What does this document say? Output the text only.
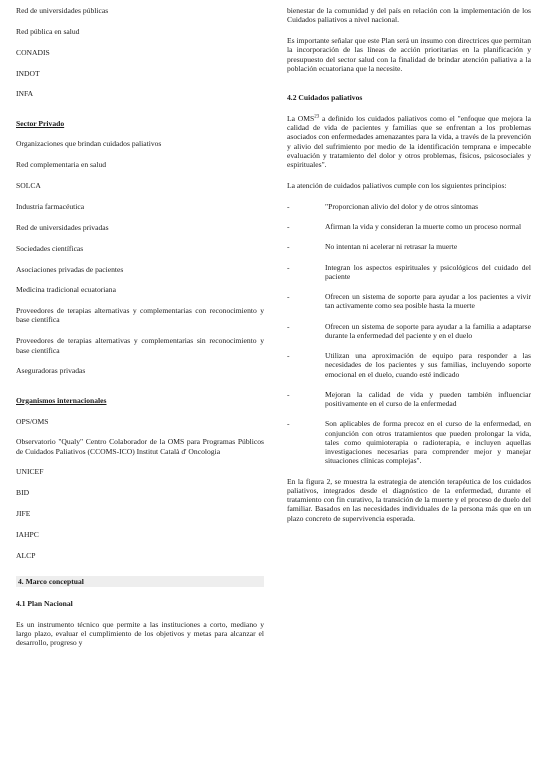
Red de universidades públicas
Red pública en salud
CONADIS
INDOT
INFA
Sector Privado
Organizaciones que brindan cuidados paliativos
Red complementaria en salud
SOLCA
Industria farmacéutica
Red de universidades privadas
Sociedades científicas
Asociaciones privadas de pacientes
Medicina tradicional ecuatoriana
Proveedores de terapias alternativas y complementarias con reconocimiento y base científica
Proveedores de terapias alternativas y complementarias sin reconocimiento y base científica
Aseguradoras privadas
Organismos internacionales
OPS/OMS
Observatorio "Qualy" Centro Colaborador de la OMS para Programas Públicos de Cuidados Paliativos (CCOMS-ICO) Institut Català d' Oncologia
UNICEF
BID
JIFE
IAHPC
ALCP
4. Marco conceptual
4.1 Plan Nacional
Es un instrumento técnico que permite a las instituciones a corto, mediano y largo plazo, evaluar el cumplimiento de los objetivos y metas para alcanzar el desarrollo, progreso y
bienestar de la comunidad y del país en relación con la implementación de los Cuidados paliativos a nivel nacional.
Es importante señalar que este Plan será un insumo con directrices que permitan la incorporación de las líneas de acción prioritarias en la planificación y presupuesto del sector salud con la finalidad de brindar atención paliativa a la población ecuatoriana que la necesite.
4.2 Cuidados paliativos
La OMS$^{23}$ a definido los cuidados paliativos como el "enfoque que mejora la calidad de vida de pacientes y familias que se enfrentan a los problemas asociados con enfermedades amenazantes para la vida, a través de la prevención y alivio del sufrimiento por medio de la identificación temprana e impecable evaluación y tratamiento del dolor y otros problemas, físicos, psicosociales y espirituales".
La atención de cuidados paliativos cumple con los siguientes principios:
-	"Proporcionan alivio del dolor y de otros síntomas
-	Afirman la vida y consideran la muerte como un proceso normal
-	No intentan ni acelerar ni retrasar la muerte
-	Integran los aspectos espirituales y psicológicos del cuidado del paciente
-	Ofrecen un sistema de soporte para ayudar a los pacientes a vivir tan activamente como sea posible hasta la muerte
-	Ofrecen un sistema de soporte para ayudar a la familia a adaptarse durante la enfermedad del paciente y en el duelo
-	Utilizan una aproximación de equipo para responder a las necesidades de los pacientes y sus familias, incluyendo soporte emocional en el duelo, cuando esté indicado
-	Mejoran la calidad de vida y pueden también influenciar positivamente en el curso de la enfermedad
-	Son aplicables de forma precoz en el curso de la enfermedad, en conjunción con otros tratamientos que pueden prolongar la vida, tales como quimioterapia o radioterapia, e incluyen aquellas investigaciones necesarias para comprender mejor y manejar situaciones clínicas complejas".
En la figura 2, se muestra la estrategia de atención terapéutica de los cuidados paliativos, integrados desde el diagnóstico de la enfermedad, durante el tratamiento con fin curativo, la transición de la muerte y el proceso de duelo del familiar. Basados en las necesidades individuales de la persona más que en un plazo concreto de supervivencia esperada.
